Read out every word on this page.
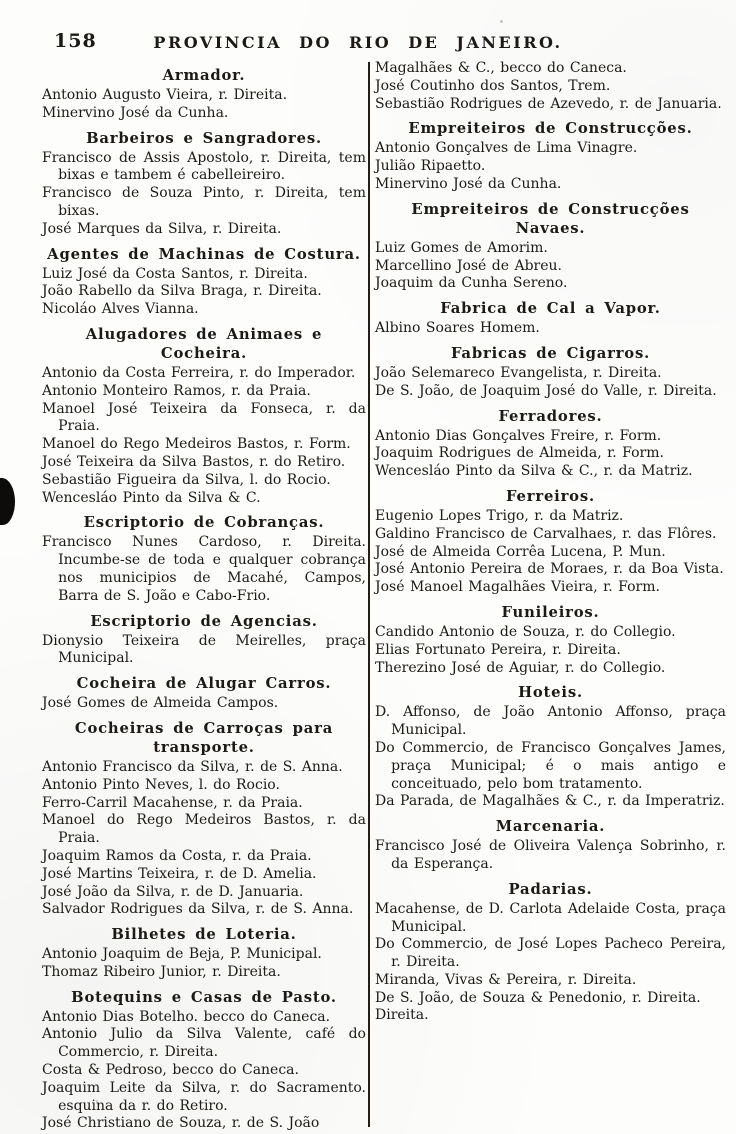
158	PROVINCIA DO RIO DE JANEIRO.
Armador.

Antonio Augusto Vieira, r. Direita.

Minervino José da Cunha.

Barbeiros e Sangradores.

Francisco de Assis Apostolo, r. Direita, tem bixas e tambem é cabelleireiro.

Francisco de Souza Pinto, r. Direita, tem bixas.

José Marques da Silva, r. Direita.

Agentes de Machinas de Costura.

Luiz José da Costa Santos, r. Direita.

João Rabello da Silva Braga, r. Direita.

Nicoláo Alves Vianna.

Alugadores de Animaes e Cocheira.

Antonio da Costa Ferreira, r. do Imperador.

Antonio Monteiro Ramos, r. da Praia.

Manoel José Teixeira da Fonseca, r. da Praia.

Manoel do Rego Medeiros Bastos, r. Form.

José Teixeira da Silva Bastos, r. do Retiro.

Sebastião Figueira da Silva, l. do Rocio.

Wencesláo Pinto da Silva & C.

Escriptorio de Cobranças.

Francisco Nunes Cardoso, r. Direita. Incumbe-se de toda e qualquer cobrança nos municipios de Macahé, Campos, Barra de S. João e Cabo-Frio.

Escriptorio de Agencias.

Dionysio Teixeira de Meirelles, praça Municipal.

Cocheira de Alugar Carros.

José Gomes de Almeida Campos.

Cocheiras de Carroças para transporte.

Antonio Francisco da Silva, r. de S. Anna.

Antonio Pinto Neves, l. do Rocio.

Ferro-Carril Macahense, r. da Praia.

Manoel do Rego Medeiros Bastos, r. da Praia.

Joaquim Ramos da Costa, r. da Praia.

José Martins Teixeira, r. de D. Amelia.

José João da Silva, r. de D. Januaria.

Salvador Rodrigues da Silva, r. de S. Anna.

Bilhetes de Loteria.

Antonio Joaquim de Beja, P. Municipal.

Thomaz Ribeiro Junior, r. Direita.

Botequins e Casas de Pasto.

Antonio Dias Botelho. becco do Caneca.

Antonio Julio da Silva Valente, café do Commercio, r. Direita.

Costa & Pedroso, becco do Caneca.

Joaquim Leite da Silva, r. do Sacramento. esquina da r. do Retiro.

José Christiano de Souza, r. de S. João

Magalhães & C., becco do Caneca.

José Coutinho dos Santos, Trem.

Sebastião Rodrigues de Azevedo, r. de Januaria.

Empreiteiros de Construcções.

Antonio Gonçalves de Lima Vinagre.

Julião Ripaetto.

Minervino José da Cunha.

Empreiteiros de Construcções Navaes.

Luiz Gomes de Amorim.

Marcellino José de Abreu.

Joaquim da Cunha Sereno.

Fabrica de Cal a Vapor.

Albino Soares Homem.

Fabricas de Cigarros.

João Selemareco Evangelista, r. Direita.

De S. João, de Joaquim José do Valle, r. Direita.

Ferradores.

Antonio Dias Gonçalves Freire, r. Form.

Joaquim Rodrigues de Almeida, r. Form.

Wencesláo Pinto da Silva & C., r. da Matriz.

Ferreiros.

Eugenio Lopes Trigo, r. da Matriz.

Galdino Francisco de Carvalhaes, r. das Flôres.

José de Almeida Corrêa Lucena, P. Mun.

José Antonio Pereira de Moraes, r. da Boa Vista.

José Manoel Magalhães Vieira, r. Form.

Funileiros.

Candido Antonio de Souza, r. do Collegio.

Elias Fortunato Pereira, r. Direita.

Therezino José de Aguiar, r. do Collegio.

Hoteis.

D. Affonso, de João Antonio Affonso, praça Municipal.

Do Commercio, de Francisco Gonçalves James, praça Municipal; é o mais antigo e conceituado, pelo bom tratamento.

Da Parada, de Magalhães & C., r. da Imperatriz.

Marcenaria.

Francisco José de Oliveira Valença Sobrinho, r. da Esperança.

Padarias.

Macahense, de D. Carlota Adelaide Costa, praça Municipal.

Do Commercio, de José Lopes Pacheco Pereira, r. Direita.

Miranda, Vivas & Pereira, r. Direita.

De S. João, de Souza & Penedonio, r. Direita.

Direita.
